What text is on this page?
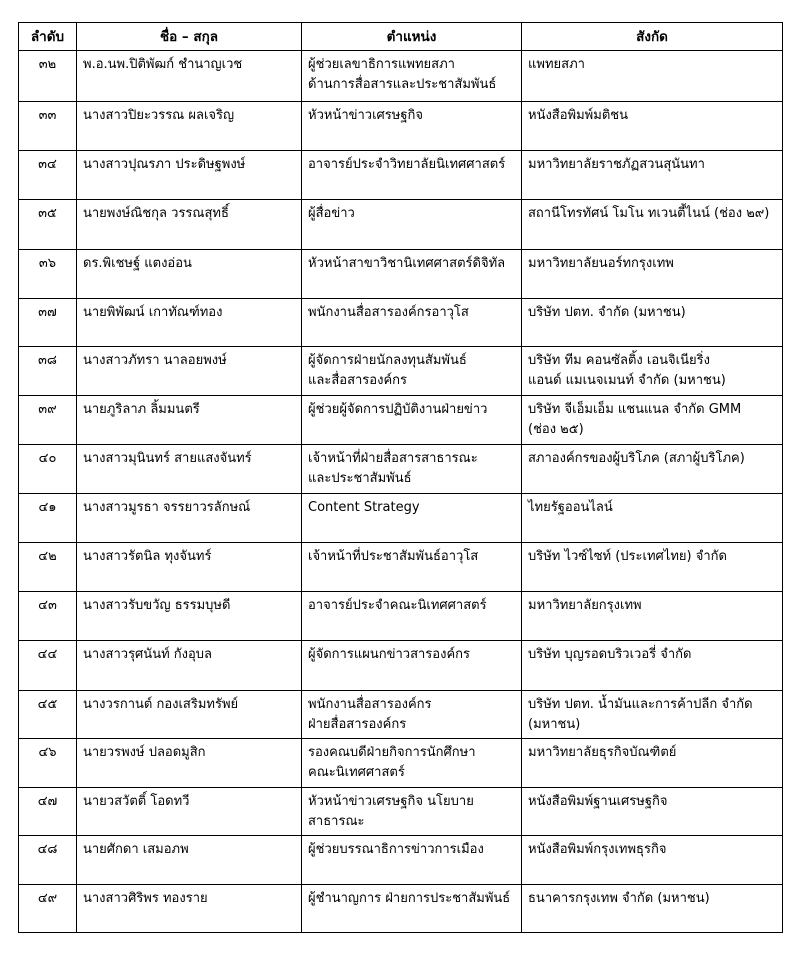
ลำดับ	ชื่อ – สกุล	ตำแหน่ง	สังกัด
๓๒	พ.อ.นพ.ปิติพัฒก์ ชำนาญเวช	ผู้ช่วยเลขาธิการแพทยสภา
ด้านการสื่อสารและประชาสัมพันธ์	แพทยสภา

๓๓	นางสาวปิยะวรรณ ผลเจริญ	หัวหน้าข่าวเศรษฐกิจ	หนังสือพิมพ์มติชน

๓๔	นางสาวปุณรภา ประดิษฐพงษ์	อาจารย์ประจำวิทยาลัยนิเทศศาสตร์	มหาวิทยาลัยราชภัฏสวนสุนันทา

๓๕	นายพงษ์ณิชกุล วรรณสุทธิ์	ผู้สื่อข่าว	สถานีโทรทัศน์ โมโน ทเวนตี้ไนน์ (ช่อง ๒๙)

๓๖	ดร.พิเชษฐ์ แตงอ่อน	หัวหน้าสาขาวิชานิเทศศาสตร์ดิจิทัล	มหาวิทยาลัยนอร์ทกรุงเทพ

๓๗	นายพิพัฒน์ เกาทัณฑ์ทอง	พนักงานสื่อสารองค์กรอาวุโส	บริษัท ปตท. จำกัด (มหาชน)

๓๘	นางสาวภัทรา นาลอยพงษ์	ผู้จัดการฝ่ายนักลงทุนสัมพันธ์
และสื่อสารองค์กร	บริษัท ทีม คอนซัลติ้ง เอนจิเนียริ่ง
แอนด์ แมเนจเมนท์ จำกัด (มหาชน)

๓๙	นายภูริลาภ ลิ้มมนตรี	ผู้ช่วยผู้จัดการปฏิบัติงานฝ่ายข่าว	บริษัท จีเอ็มเอ็ม แชนแนล จำกัด GMM
(ช่อง ๒๕)

๔๐	นางสาวมุนินทร์ สายแสงจันทร์	เจ้าหน้าที่ฝ่ายสื่อสารสาธารณะ
และประชาสัมพันธ์	สภาองค์กรของผู้บริโภค (สภาผู้บริโภค)

๔๑	นางสาวมูรธา จรรยาวรลักษณ์	Content Strategy	ไทยรัฐออนไลน์

๔๒	นางสาวรัตนิล ทุงจันทร์	เจ้าหน้าที่ประชาสัมพันธ์อาวุโส	บริษัท ไวซ์ไซท์ (ประเทศไทย) จำกัด

๔๓	นางสาวรับขวัญ ธรรมบุษดี	อาจารย์ประจำคณะนิเทศศาสตร์	มหาวิทยาลัยกรุงเทพ

๔๔	นางสาวรุศนันท์ กังอุบล	ผู้จัดการแผนกข่าวสารองค์กร	บริษัท บุญรอดบริวเวอรี่ จำกัด

๔๕	นางวรกานต์ กองเสริมทรัพย์	พนักงานสื่อสารองค์กร
ฝ่ายสื่อสารองค์กร	บริษัท ปตท. น้ำมันและการค้าปลีก จำกัด
(มหาชน)

๔๖	นายวรพงษ์ ปลอดมูสิก	รองคณบดีฝ่ายกิจการนักศึกษา
คณะนิเทศศาสตร์	มหาวิทยาลัยธุรกิจบัณฑิตย์

๔๗	นายวสวัตติ์ โอดทวี	หัวหน้าข่าวเศรษฐกิจ นโยบาย
สาธารณะ	หนังสือพิมพ์ฐานเศรษฐกิจ

๔๘	นายศักดา เสมอภพ	ผู้ช่วยบรรณาธิการข่าวการเมือง	หนังสือพิมพ์กรุงเทพธุรกิจ

๔๙	นางสาวศิริพร ทองราย	ผู้ชำนาญการ ฝ่ายการประชาสัมพันธ์	ธนาคารกรุงเทพ จำกัด (มหาชน)
